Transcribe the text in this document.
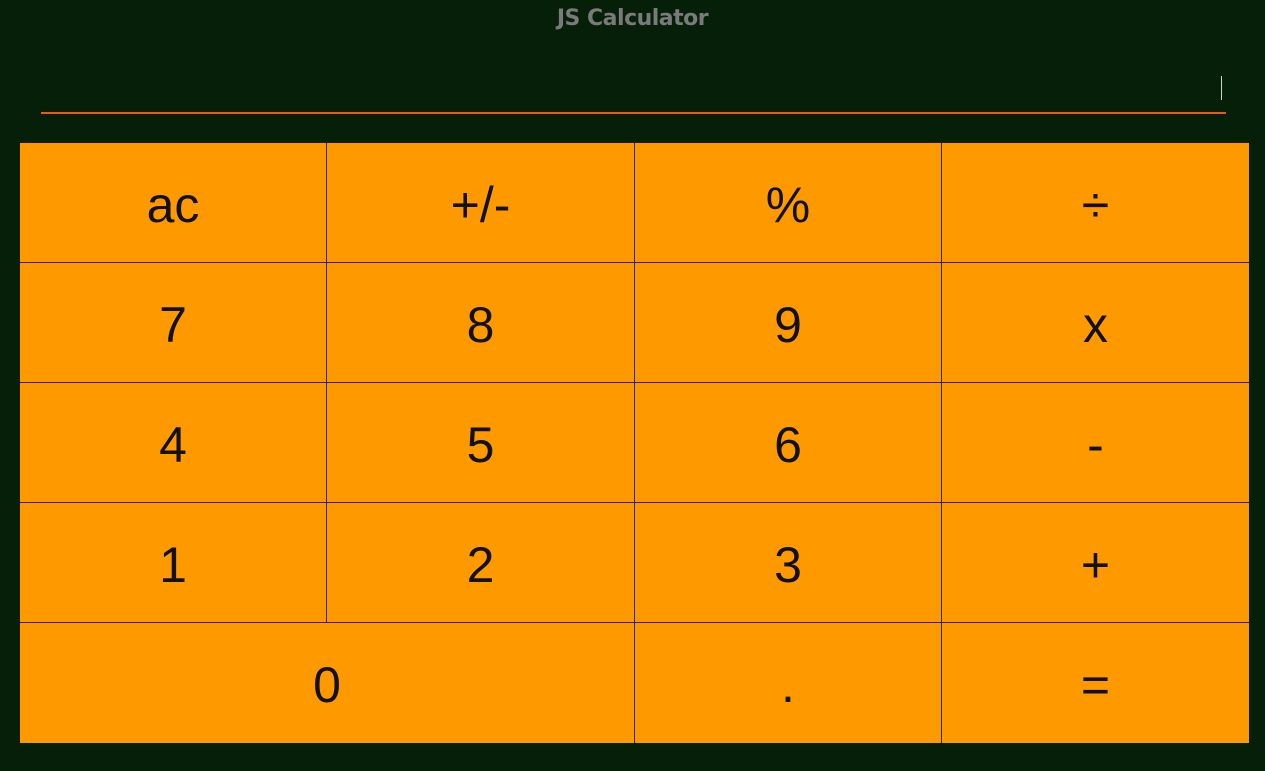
JS Calculator
ac	+/-	%	÷
7	8	9	x
4	5	6	-
1	2	3	+
0	.	=
